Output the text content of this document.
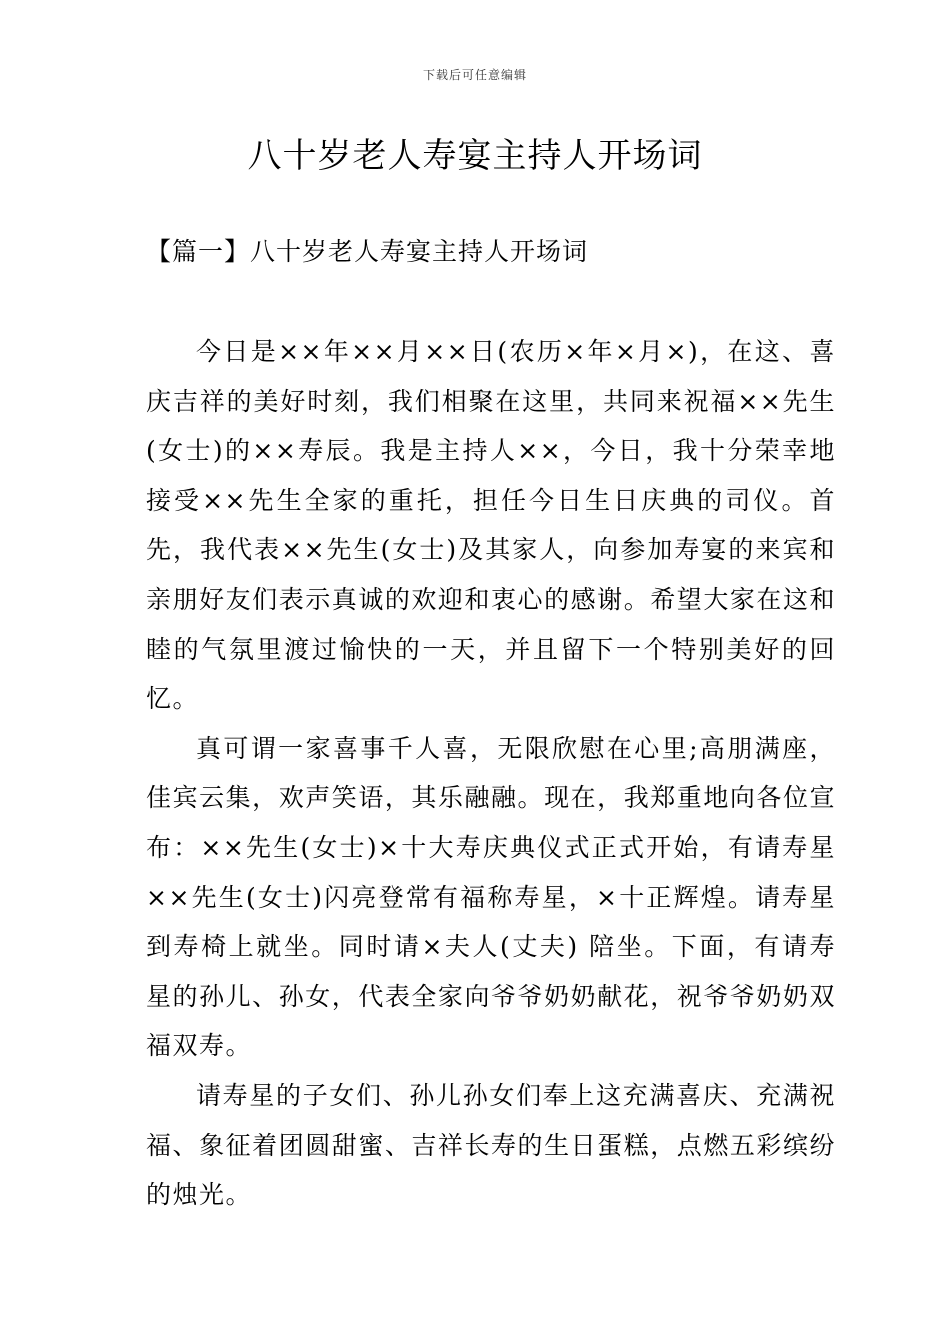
下载后可任意编辑
八十岁老人寿宴主持人开场词
【篇一】八十岁老人寿宴主持人开场词

今日是××年××月××日(农历×年×月×)，在这、喜庆吉祥的美好时刻，我们相聚在这里，共同来祝福××先生(女士)的××寿辰。我是主持人××，今日，我十分荣幸地接受××先生全家的重托，担任今日生日庆典的司仪。首先，我代表××先生(女士)及其家人，向参加寿宴的来宾和亲朋好友们表示真诚的欢迎和衷心的感谢。希望大家在这和睦的气氛里渡过愉快的一天，并且留下一个特别美好的回忆。

真可谓一家喜事千人喜，无限欣慰在心里;高朋满座，佳宾云集，欢声笑语，其乐融融。现在，我郑重地向各位宣布：××先生(女士)×十大寿庆典仪式正式开始，有请寿星××先生(女士)闪亮登常有福称寿星，×十正辉煌。请寿星到寿椅上就坐。同时请×夫人(丈夫) 陪坐。下面，有请寿星的孙儿、孙女，代表全家向爷爷奶奶献花，祝爷爷奶奶双福双寿。

请寿星的子女们、孙儿孙女们奉上这充满喜庆、充满祝福、象征着团圆甜蜜、吉祥长寿的生日蛋糕，点燃五彩缤纷的烛光。
